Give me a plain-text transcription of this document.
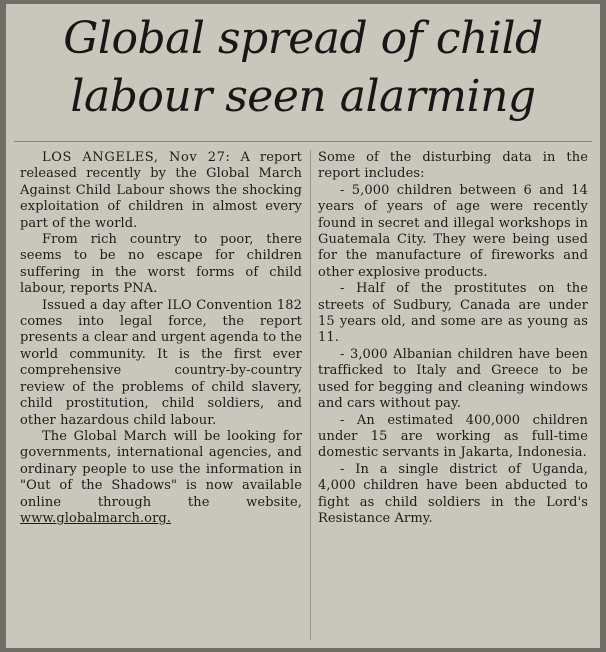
Global spread of child labour seen alarming

LOS ANGELES, Nov 27: A report released recently by the Global March Against Child Labour shows the shocking exploitation of children in almost every part of the world.

From rich country to poor, there seems to be no escape for children suffering in the worst forms of child labour, reports PNA.

Issued a day after ILO Convention 182 comes into legal force, the report presents a clear and urgent agenda to the world community. It is the first ever comprehensive country-by-country review of the problems of child slavery, child prostitution, child soldiers, and other hazardous child labour.

The Global March will be looking for governments, international agencies, and ordinary people to use the information in "Out of the Shadows" is now available online through the website, www.globalmarch.org.

Some of the disturbing data in the report includes:

- 5,000 children between 6 and 14 years of years of age were recently found in secret and illegal workshops in Guatemala City. They were being used for the manufacture of fireworks and other explosive products.

- Half of the prostitutes on the streets of Sudbury, Canada are under 15 years old, and some are as young as 11.

- 3,000 Albanian children have been trafficked to Italy and Greece to be used for begging and cleaning windows and cars without pay.

- An estimated 400,000 children under 15 are working as full-time domestic servants in Jakarta, Indonesia.

- In a single district of Uganda, 4,000 children have been abducted to fight as child soldiers in the Lord's Resistance Army.
